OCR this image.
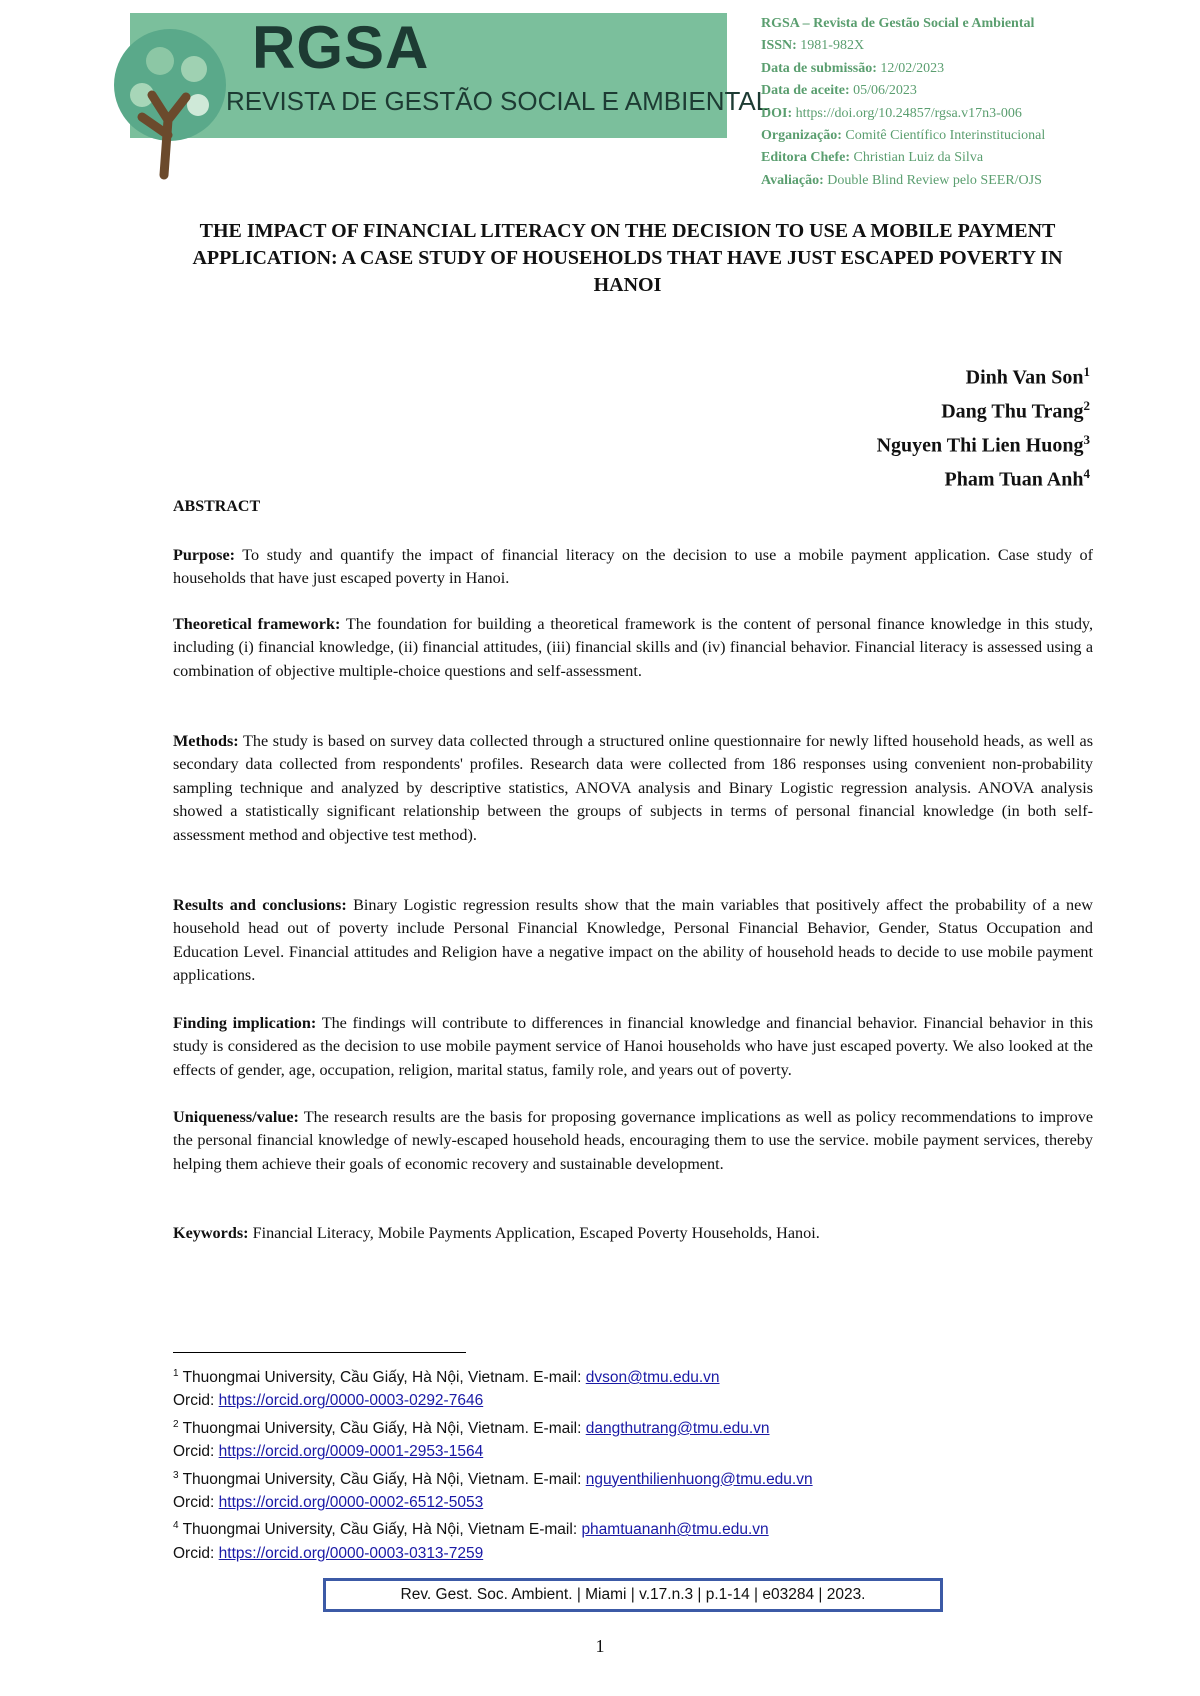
RGSA
REVISTA DE GESTÃO SOCIAL E AMBIENTAL
RGSA – Revista de Gestão Social e Ambiental
ISSN: 1981-982X
Data de submissão: 12/02/2023
Data de aceite: 05/06/2023
DOI: https://doi.org/10.24857/rgsa.v17n3-006
Organização: Comitê Científico Interinstitucional
Editora Chefe: Christian Luiz da Silva
Avaliação: Double Blind Review pelo SEER/OJS
THE IMPACT OF FINANCIAL LITERACY ON THE DECISION TO USE A MOBILE PAYMENT APPLICATION: A CASE STUDY OF HOUSEHOLDS THAT HAVE JUST ESCAPED POVERTY IN HANOI
Dinh Van Son$^1$
Dang Thu Trang$^2$
Nguyen Thi Lien Huong$^3$
Pham Tuan Anh$^4$
ABSTRACT
Purpose: To study and quantify the impact of financial literacy on the decision to use a mobile payment application. Case study of households that have just escaped poverty in Hanoi.
Theoretical framework: The foundation for building a theoretical framework is the content of personal finance knowledge in this study, including (i) financial knowledge, (ii) financial attitudes, (iii) financial skills and (iv) financial behavior. Financial literacy is assessed using a combination of objective multiple-choice questions and self-assessment.
Methods: The study is based on survey data collected through a structured online questionnaire for newly lifted household heads, as well as secondary data collected from respondents' profiles. Research data were collected from 186 responses using convenient non-probability sampling technique and analyzed by descriptive statistics, ANOVA analysis and Binary Logistic regression analysis. ANOVA analysis showed a statistically significant relationship between the groups of subjects in terms of personal financial knowledge (in both self-assessment method and objective test method).
Results and conclusions: Binary Logistic regression results show that the main variables that positively affect the probability of a new household head out of poverty include Personal Financial Knowledge, Personal Financial Behavior, Gender, Status Occupation and Education Level. Financial attitudes and Religion have a negative impact on the ability of household heads to decide to use mobile payment applications.
Finding implication: The findings will contribute to differences in financial knowledge and financial behavior. Financial behavior in this study is considered as the decision to use mobile payment service of Hanoi households who have just escaped poverty. We also looked at the effects of gender, age, occupation, religion, marital status, family role, and years out of poverty.
Uniqueness/value: The research results are the basis for proposing governance implications as well as policy recommendations to improve the personal financial knowledge of newly-escaped household heads, encouraging them to use the service. mobile payment services, thereby helping them achieve their goals of economic recovery and sustainable development.
Keywords: Financial Literacy, Mobile Payments Application, Escaped Poverty Households, Hanoi.
$^1$ Thuongmai University, Cầu Giấy, Hà Nội, Vietnam. E-mail: dvson@tmu.edu.vn
Orcid: https://orcid.org/0000-0003-0292-7646
$^2$ Thuongmai University, Cầu Giấy, Hà Nội, Vietnam. E-mail: dangthutrang@tmu.edu.vn
Orcid: https://orcid.org/0009-0001-2953-1564
$^3$ Thuongmai University, Cầu Giấy, Hà Nội, Vietnam. E-mail: nguyenthilienhuong@tmu.edu.vn
Orcid: https://orcid.org/0000-0002-6512-5053
$^4$ Thuongmai University, Cầu Giấy, Hà Nội, Vietnam E-mail: phamtuananh@tmu.edu.vn
Orcid: https://orcid.org/0000-0003-0313-7259
Rev. Gest. Soc. Ambient. | Miami | v.17.n.3 | p.1-14 | e03284 | 2023.
1
